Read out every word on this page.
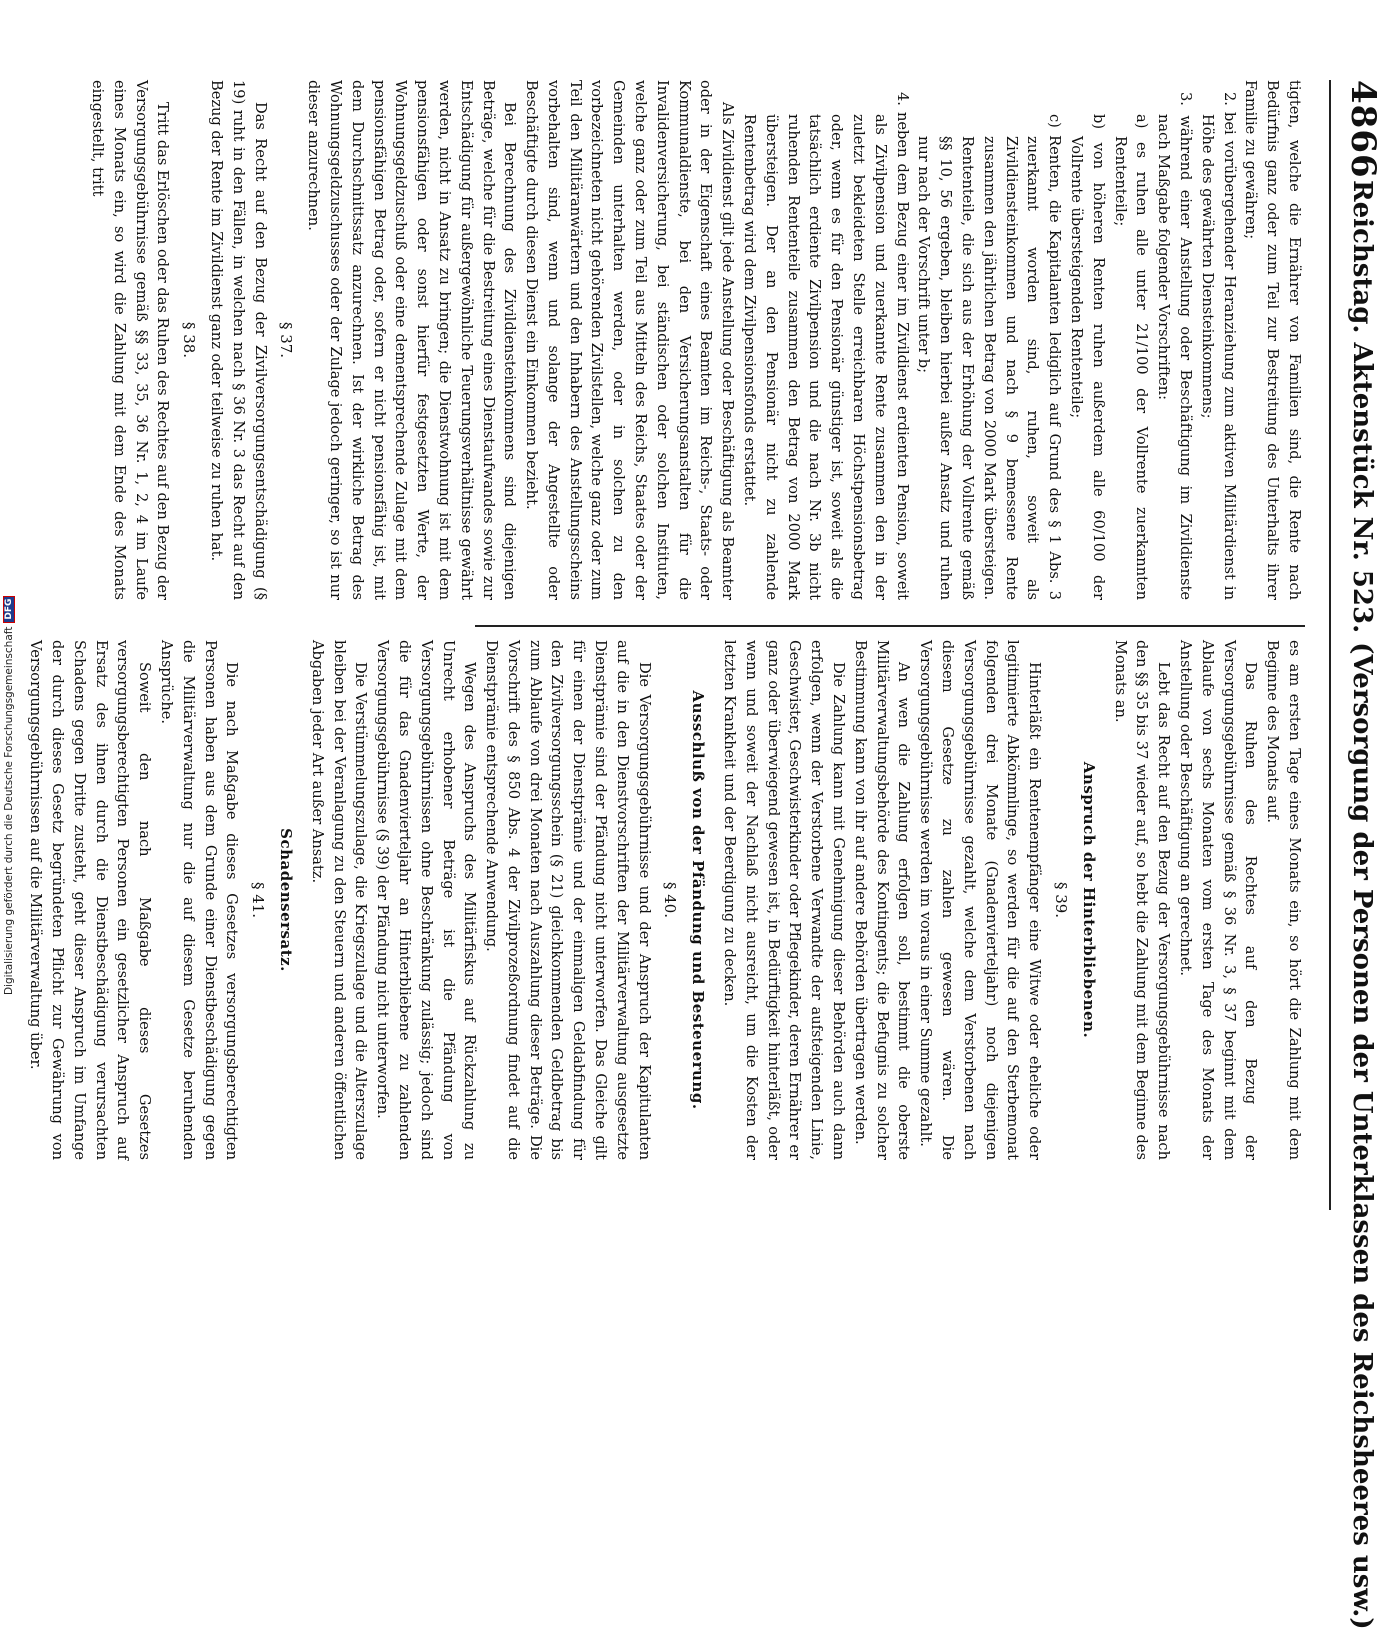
4866
Reichstag. Aktenstück Nr. 523. (Versorgung der Personen der Unterklassen des Reichsheeres usw.)

tigten, welche die Ernährer von Familien sind, die Rente nach Bedürfnis ganz oder zum Teil zur Bestreitung des Unterhalts ihrer Familie zu gewähren;

2. bei vorübergehender Heranziehung zum aktiven Militärdienst in Höhe des gewährten Diensteinkommens;

3. während einer Anstellung oder Beschäftigung im Zivildienste nach Maßgabe folgender Vorschriften:

a) es ruhen alle unter 21/100 der Vollrente zuerkannten Rententeile;

b) von höheren Renten ruhen außerdem alle 60/100 der Vollrente übersteigenden Rententeile;

c) Renten, die Kapitalanten lediglich auf Grund des § 1 Abs. 3 zuerkannt worden sind, ruhen, soweit als Zivildiensteinkommen und nach § 9 bemessene Rente zusammen den jährlichen Betrag von 2000 Mark übersteigen. Rententeile, die sich aus der Erhöhung der Vollrente gemäß §§ 10, 56 ergeben, bleiben hierbei außer Ansatz und ruhen nur nach der Vorschrift unter b;

4. neben dem Bezug einer im Zivildienst erdienten Pension, soweit als Zivilpension und zuerkannte Rente zusammen den in der zuletzt bekleideten Stelle erreichbaren Höchstpensionsbetrag oder, wenn es für den Pensionär günstiger ist, soweit als die tatsächlich erdiente Zivilpension und die nach Nr. 3b nicht ruhenden Rententeile zusammen den Betrag von 2000 Mark übersteigen. Der an den Pensionär nicht zu zahlende Rentenbetrag wird dem Zivilpensionsfonds erstattet.

Als Zivildienst gilt jede Anstellung oder Beschäftigung als Beamter oder in der Eigenschaft eines Beamten im Reichs-, Staats- oder Kommunaldienste, bei den Versicherungsanstalten für die Invalidenversicherung, bei ständischen oder solchen Instituten, welche ganz oder zum Teil aus Mitteln des Reichs, Staates oder der Gemeinden unterhalten werden, oder in solchen zu den vorbezeichneten nicht gehörenden Zivilstellen, welche ganz oder zum Teil den Militäranwärtern und den Inhabern des Anstellungsscheins vorbehalten sind, wenn und solange der Angestellte oder Beschäftigte durch diesen Dienst ein Einkommen bezieht.

Bei Berechnung des Zivildiensteinkommens sind diejenigen Beträge, welche für die Bestreitung eines Dienstaufwandes sowie zur Entschädigung für außergewöhnliche Teuerungsverhältnisse gewährt werden, nicht in Ansatz zu bringen; die Dienstwohnung ist mit dem pensionsfähigen oder sonst hierfür festgesetzten Werte, der Wohnungsgeldzuschuß oder eine dementsprechende Zulage mit dem pensionsfähigen Betrag oder, sofern er nicht pensionsfähig ist, mit dem Durchschnittssatz anzurechnen. Ist der wirkliche Betrag des Wohnungsgeldzuschusses oder der Zulage jedoch geringer, so ist nur dieser anzurechnen.

§ 37.

Das Recht auf den Bezug der Zivilversorgungsentschädigung (§ 19) ruht in den Fällen, in welchen nach § 36 Nr. 3 das Recht auf den Bezug der Rente im Zivildienst ganz oder teilweise zu ruhen hat.

§ 38.

Tritt das Erlöschen oder das Ruhen des Rechtes auf den Bezug der Versorgungsgebührnisse gemäß §§ 33, 35, 36 Nr. 1, 2, 4 im Laufe eines Monats ein, so wird die Zahlung mit dem Ende des Monats eingestellt, tritt

es am ersten Tage eines Monats ein, so hört die Zahlung mit dem Beginne des Monats auf.

Das Ruhen des Rechtes auf den Bezug der Versorgungsgebührnisse gemäß § 36 Nr. 3, § 37 beginnt mit dem Ablaufe von sechs Monaten vom ersten Tage des Monats der Anstellung oder Beschäftigung an gerechnet.

Lebt das Recht auf den Bezug der Versorgungsgebührnisse nach den §§ 35 bis 37 wieder auf, so hebt die Zahlung mit dem Beginne des Monats an.

Anspruch der Hinterbliebenen.
§ 39.

Hinterläßt ein Rentenempfänger eine Witwe oder eheliche oder legitimierte Abkömmlinge, so werden für die auf den Sterbemonat folgenden drei Monate (Gnadenvierteljahr) noch diejenigen Versorgungsgebührnisse gezahlt, welche dem Verstorbenen nach diesem Gesetze zu zahlen gewesen wären. Die Versorgungsgebührnisse werden im voraus in einer Summe gezahlt.

An wen die Zahlung erfolgen soll, bestimmt die oberste Militärverwaltungsbehörde des Kontingents; die Befugnis zu solcher Bestimmung kann von ihr auf andere Behörden übertragen werden.

Die Zahlung kann mit Genehmigung dieser Behörden auch dann erfolgen, wenn der Verstorbene Verwandte der aufsteigenden Linie, Geschwister, Geschwisterkinder oder Pflegekinder, deren Ernährer er ganz oder überwiegend gewesen ist, in Bedürftigkeit hinterläßt, oder wenn und soweit der Nachlaß nicht ausreicht, um die Kosten der letzten Krankheit und der Beerdigung zu decken.

Ausschluß von der Pfändung und Besteuerung.
§ 40.

Die Versorgungsgebührnisse und der Anspruch der Kapitulanten auf die in den Dienstvorschriften der Militärverwaltung ausgesetzte Dienstprämie sind der Pfändung nicht unterworfen. Das Gleiche gilt für einen der Dienstprämie und der einmaligen Geldabfindung für den Zivilversorgungsschein (§ 21) gleichkommenden Geldbetrag bis zum Ablaufe von drei Monaten nach Auszahlung dieser Beträge. Die Vorschrift des § 850 Abs. 4 der Zivilprozeßordnung findet auf die Dienstprämie entsprechende Anwendung.

Wegen des Anspruchs des Militärfiskus auf Rückzahlung zu Unrecht erhobener Beträge ist die Pfändung von Versorgungsgebührnissen ohne Beschränkung zulässig; jedoch sind die für das Gnadenvierteljahr an Hinterbliebene zu zahlenden Versorgungsgebührnisse (§ 39) der Pfändung nicht unterworfen.

Die Verstümmelungszulage, die Kriegszulage und die Alterszulage bleiben bei der Veranlagung zu den Steuern und anderen öffentlichen Abgaben jeder Art außer Ansatz.

Schadensersatz.
§ 41.

Die nach Maßgabe dieses Gesetzes versorgungsberechtigten Personen haben aus dem Grunde einer Dienstbeschädigung gegen die Militärverwaltung nur die auf diesem Gesetze beruhenden Ansprüche.

Soweit den nach Maßgabe dieses Gesetzes versorgungsberechtigten Personen ein gesetzlicher Anspruch auf Ersatz des ihnen durch die Dienstbeschädigung verursachten Schadens gegen Dritte zusteht, geht dieser Anspruch im Umfange der durch dieses Gesetz begründeten Pflicht zur Gewährung von Versorgungsgebührnissen auf die Militärverwaltung über.

Digitalisierung gefördert durch die Deutsche Forschungsgemeinschaft
DFG
